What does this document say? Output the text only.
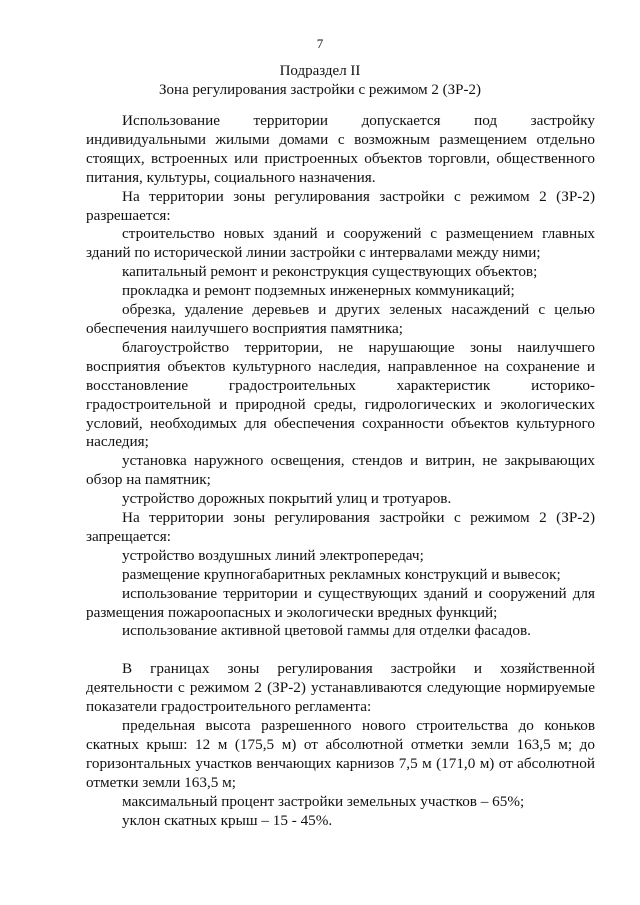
7
Подраздел II
Зона регулирования застройки с режимом 2 (ЗР-2)

Использование территории допускается под застройку индивидуальными жилыми домами с возможным размещением отдельно стоящих, встроенных или пристроенных объектов торговли, общественного питания, культуры, социального назначения.

На территории зоны регулирования застройки с режимом 2 (ЗР-2) разрешается:

строительство новых зданий и сооружений с размещением главных зданий по исторической линии застройки с интервалами между ними;

капитальный ремонт и реконструкция существующих объектов;

прокладка и ремонт подземных инженерных коммуникаций;

обрезка, удаление деревьев и других зеленых насаждений с целью обеспечения наилучшего восприятия памятника;

благоустройство территории, не нарушающие зоны наилучшего восприятия объектов культурного наследия, направленное на сохранение и восстановление градостроительных характеристик историко-градостроительной и природной среды, гидрологических и экологических условий, необходимых для обеспечения сохранности объектов культурного наследия;

установка наружного освещения, стендов и витрин, не закрывающих обзор на памятник;

устройство дорожных покрытий улиц и тротуаров.

На территории зоны регулирования застройки с режимом 2 (ЗР-2) запрещается:

устройство воздушных линий электропередач;

размещение крупногабаритных рекламных конструкций и вывесок;

использование территории и существующих зданий и сооружений для размещения пожароопасных и экологически вредных функций;

использование активной цветовой гаммы для отделки фасадов.

В границах зоны регулирования застройки и хозяйственной деятельности с режимом 2 (ЗР-2) устанавливаются следующие нормируемые показатели градостроительного регламента:

предельная высота разрешенного нового строительства до коньков скатных крыш: 12 м (175,5 м) от абсолютной отметки земли 163,5 м; до горизонтальных участков венчающих карнизов 7,5 м (171,0 м) от абсолютной отметки земли 163,5 м;

максимальный процент застройки земельных участков – 65%;

уклон скатных крыш – 15 - 45%.
